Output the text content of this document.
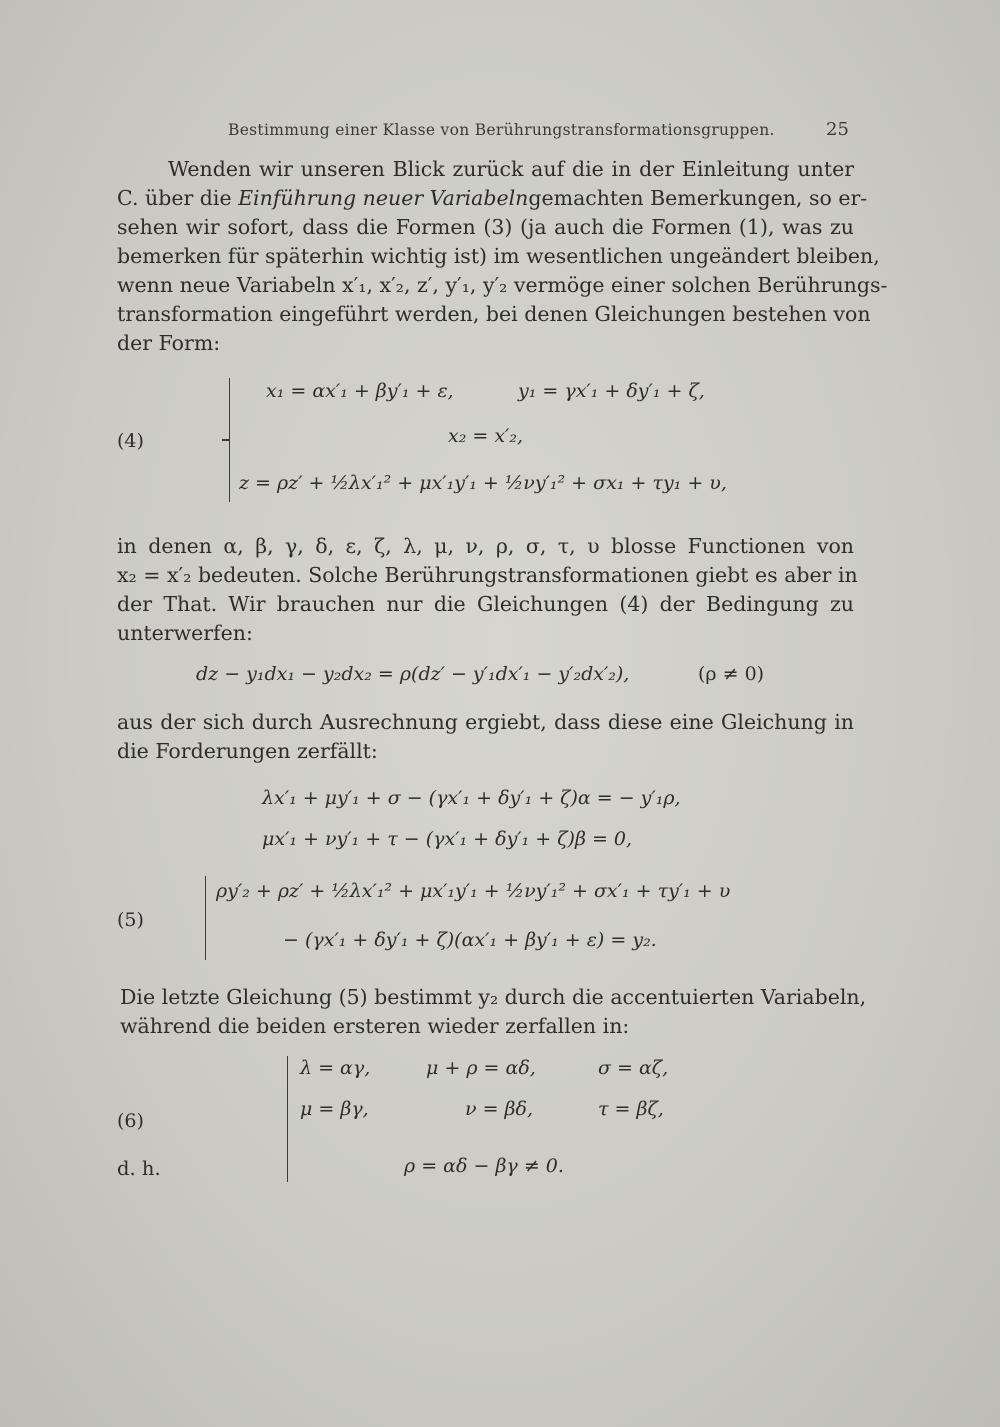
Bestimmung einer Klasse von Berührungstransformationsgruppen.	25
Wenden wir unseren Blick zurück auf die in der Einleitung unter
C. über die Einführung neuer Variabeln gemachten Bemerkungen, so er-
sehen wir sofort, dass die Formen (3) (ja auch die Formen (1), was zu
bemerken für späterhin wichtig ist) im wesentlichen ungeändert bleiben,
wenn neue Variabeln x′₁, x′₂, z′, y′₁, y′₂ vermöge einer solchen Berührungs-
transformation eingeführt werden, bei denen Gleichungen bestehen von
der Form:
(4)
x₁ = αx′₁ + βy′₁ + ε,	y₁ = γx′₁ + δy′₁ + ζ,
x₂ = x′₂,
z = ρz′ + ½λx′₁² + μx′₁y′₁ + ½νy′₁² + σx₁ + τy₁ + υ,
in denen α, β, γ, δ, ε, ζ, λ, μ, ν, ρ, σ, τ, υ blosse Functionen von
x₂ = x′₂ bedeuten. Solche Berührungstransformationen giebt es aber in
der That. Wir brauchen nur die Gleichungen (4) der Bedingung zu
unterwerfen:
dz − y₁dx₁ − y₂dx₂ = ρ(dz′ − y′₁dx′₁ − y′₂dx′₂),	(ρ ≠ 0)
aus der sich durch Ausrechnung ergiebt, dass diese eine Gleichung in
die Forderungen zerfällt:
λx′₁ + μy′₁ + σ − (γx′₁ + δy′₁ + ζ)α = − y′₁ρ,
μx′₁ + νy′₁ + τ − (γx′₁ + δy′₁ + ζ)β = 0,
(5)
ρy′₂ + ρz′ + ½λx′₁² + μx′₁y′₁ + ½νy′₁² + σx′₁ + τy′₁ + υ
− (γx′₁ + δy′₁ + ζ)(αx′₁ + βy′₁ + ε) = y₂.
Die letzte Gleichung (5) bestimmt y₂ durch die accentuierten Variabeln,
während die beiden ersteren wieder zerfallen in:
(6)
d. h.
λ = αγ,	μ + ρ = αδ,	σ = αζ,
μ = βγ,	ν = βδ,	τ = βζ,
ρ = αδ − βγ ≠ 0.
